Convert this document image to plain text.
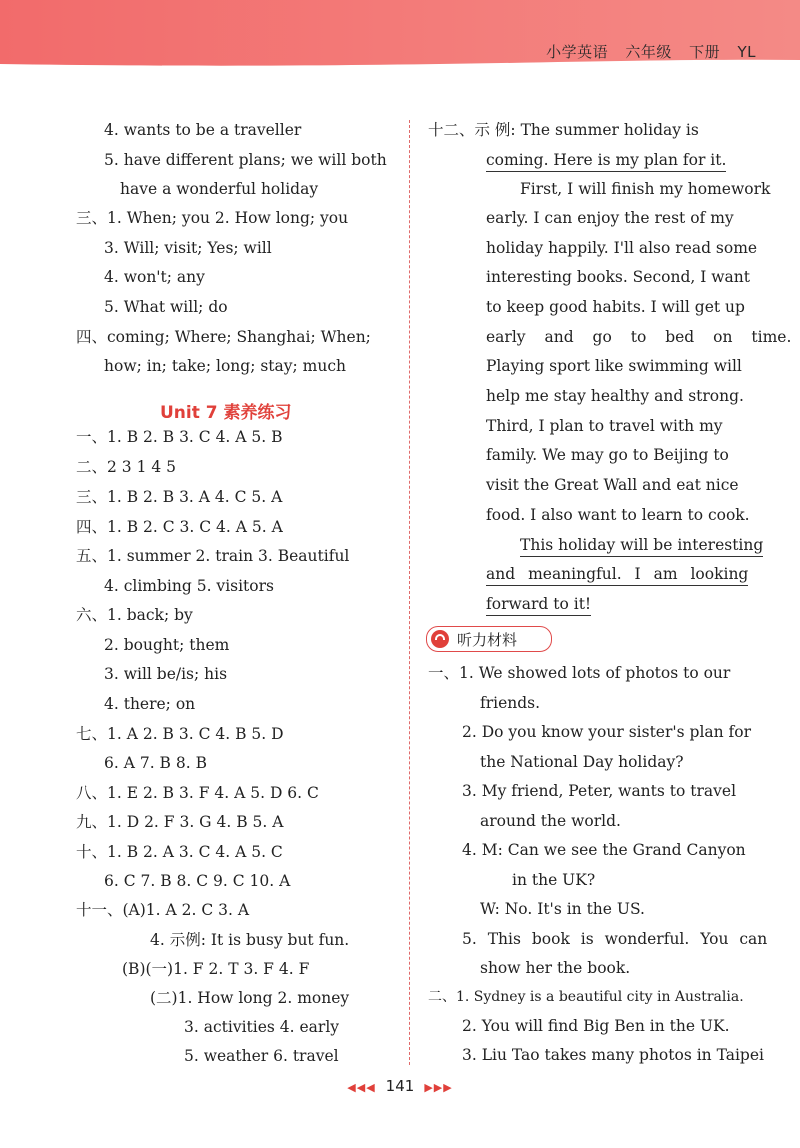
小学英语 六年级 下册 YL
4. wants to be a traveller
5. have different plans; we will both
have a wonderful holiday
三、1. When; you 2. How long; you
3. Will; visit; Yes; will
4. won't; any
5. What will; do
四、coming; Where; Shanghai; When;
how; in; take; long; stay; much
Unit 7 素养练习
一、1. B 2. B 3. C 4. A 5. B
二、2 3 1 4 5
三、1. B 2. B 3. A 4. C 5. A
四、1. B 2. C 3. C 4. A 5. A
五、1. summer 2. train 3. Beautiful
4. climbing 5. visitors
六、1. back; by
2. bought; them
3. will be/is; his
4. there; on
七、1. A 2. B 3. C 4. B 5. D
6. A 7. B 8. B
八、1. E 2. B 3. F 4. A 5. D 6. C
九、1. D 2. F 3. G 4. B 5. A
十、1. B 2. A 3. C 4. A 5. C
6. C 7. B 8. C 9. C 10. A
十一、(A)1. A 2. C 3. A
4. 示例: It is busy but fun.
(B)(一)1. F 2. T 3. F 4. F
(二)1. How long 2. money
3. activities 4. early
5. weather 6. travel
十二、示 例: The summer holiday is
coming. Here is my plan for it.
First, I will finish my homework
early. I can enjoy the rest of my
holiday happily. I'll also read some
interesting books. Second, I want
to keep good habits. I will get up
early and go to bed on time.
Playing sport like swimming will
help me stay healthy and strong.
Third, I plan to travel with my
family. We may go to Beijing to
visit the Great Wall and eat nice
food. I also want to learn to cook.
This holiday will be interesting
and meaningful. I am looking
forward to it!
听力材料
一、1. We showed lots of photos to our
friends.
2. Do you know your sister's plan for
the National Day holiday?
3. My friend, Peter, wants to travel
around the world.
4. M: Can we see the Grand Canyon
in the UK?
W: No. It's in the US.
5. This book is wonderful. You can
show her the book.
二、1. Sydney is a beautiful city in Australia.
2. You will find Big Ben in the UK.
3. Liu Tao takes many photos in Taipei
◀◀◀ 141 ▶▶▶
